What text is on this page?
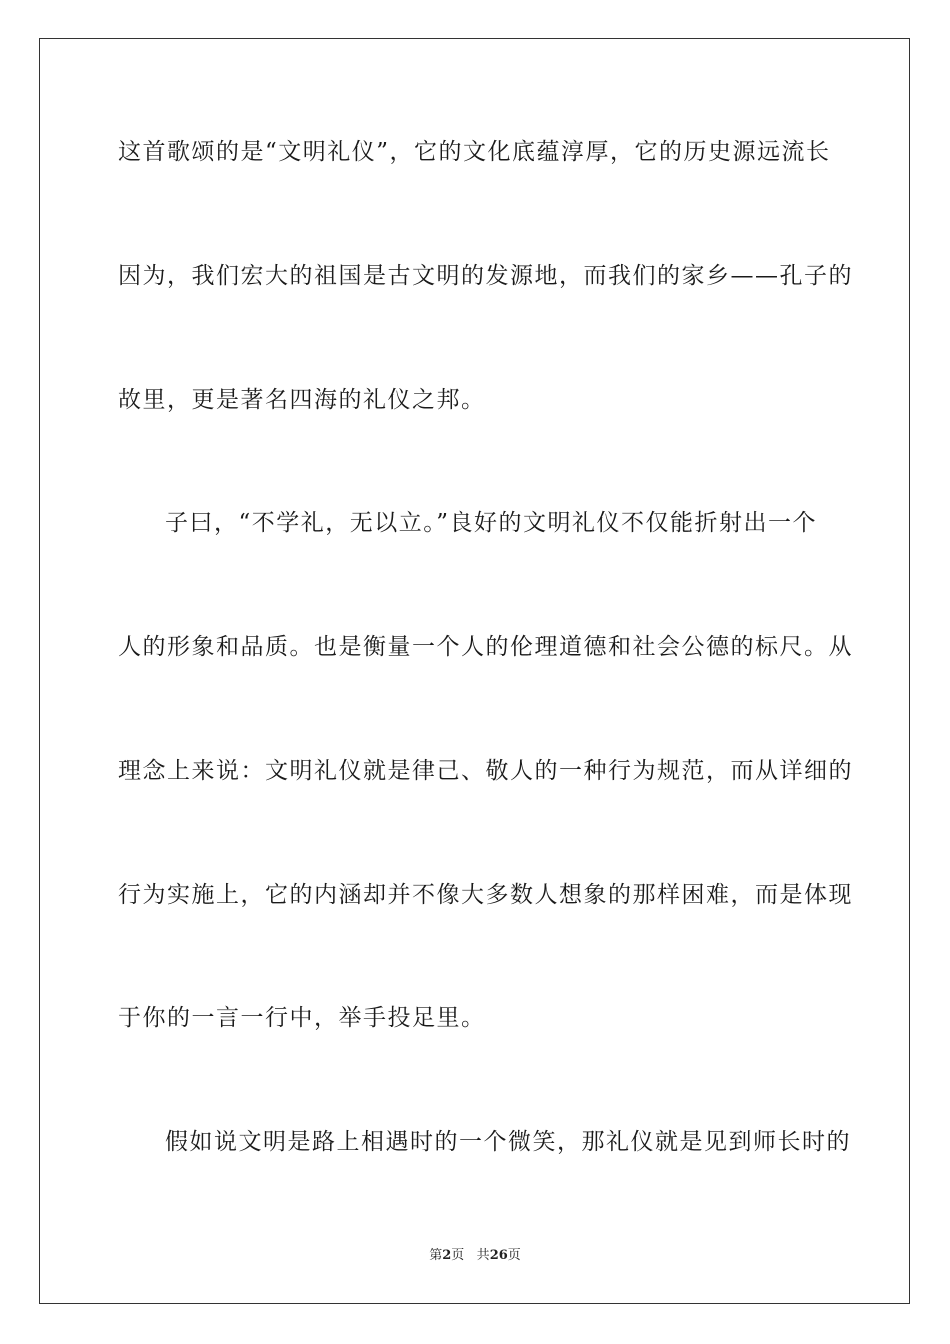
这首歌颂的是“文明礼仪”，它的文化底蕴淳厚，它的历史源远流长
因为，我们宏大的祖国是古文明的发源地，而我们的家乡——孔子的
故里，更是著名四海的礼仪之邦。
子曰，“不学礼，无以立。”良好的文明礼仪不仅能折射出一个
人的形象和品质。也是衡量一个人的伦理道德和社会公德的标尺。从
理念上来说：文明礼仪就是律己、敬人的一种行为规范，而从详细的
行为实施上，它的内涵却并不像大多数人想象的那样困难，而是体现
于你的一言一行中，举手投足里。
假如说文明是路上相遇时的一个微笑，那礼仪就是见到师长时的
第2页 共26页
